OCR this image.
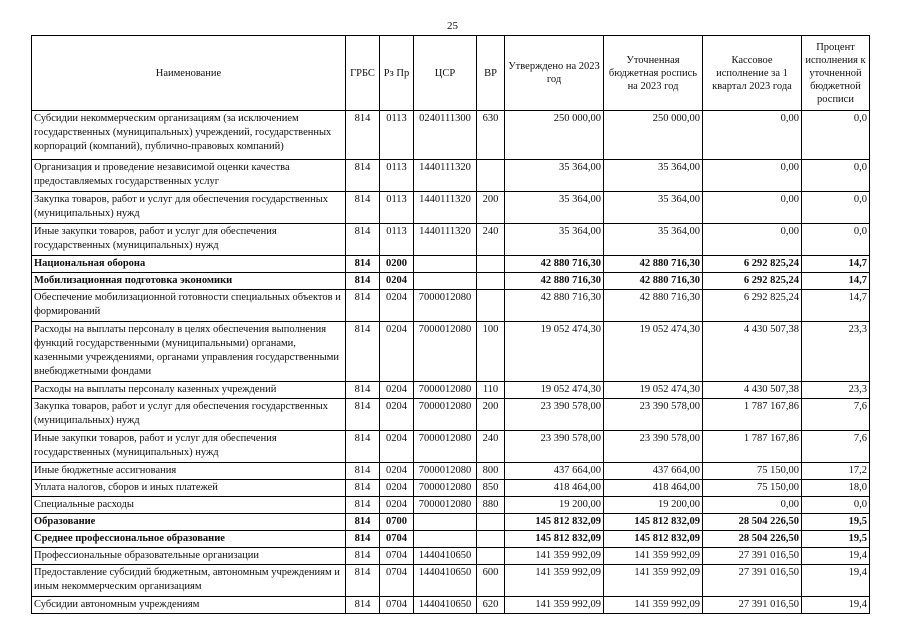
25
Наименование	ГРБС	Рз Пр	ЦСР	ВР	Утверждено на 2023 год	Уточненная бюджетная роспись на 2023 год	Кассовое исполнение за 1 квартал 2023 года	Процент исполнения к уточненной бюджетной росписи
Субсидии некоммерческим организациям (за исключением государственных (муниципальных) учреждений, государственных корпораций (компаний), публично-правовых компаний)	814	0113	0240111300	630	250 000,00	250 000,00	0,00	0,0
Организация и проведение независимой оценки качества предоставляемых государственных услуг	814	0113	1440111320		35 364,00	35 364,00	0,00	0,0
Закупка товаров, работ и услуг для обеспечения государственных (муниципальных) нужд	814	0113	1440111320	200	35 364,00	35 364,00	0,00	0,0
Иные закупки товаров, работ и услуг для обеспечения государственных (муниципальных) нужд	814	0113	1440111320	240	35 364,00	35 364,00	0,00	0,0
Национальная оборона	814	0200			42 880 716,30	42 880 716,30	6 292 825,24	14,7
Мобилизационная подготовка экономики	814	0204			42 880 716,30	42 880 716,30	6 292 825,24	14,7
Обеспечение мобилизационной готовности специальных объектов и формирований	814	0204	7000012080		42 880 716,30	42 880 716,30	6 292 825,24	14,7
Расходы на выплаты персоналу в целях обеспечения выполнения функций государственными (муниципальными) органами, казенными учреждениями, органами управления государственными внебюджетными фондами	814	0204	7000012080	100	19 052 474,30	19 052 474,30	4 430 507,38	23,3
Расходы на выплаты персоналу казенных учреждений	814	0204	7000012080	110	19 052 474,30	19 052 474,30	4 430 507,38	23,3
Закупка товаров, работ и услуг для обеспечения государственных (муниципальных) нужд	814	0204	7000012080	200	23 390 578,00	23 390 578,00	1 787 167,86	7,6
Иные закупки товаров, работ и услуг для обеспечения государственных (муниципальных) нужд	814	0204	7000012080	240	23 390 578,00	23 390 578,00	1 787 167,86	7,6
Иные бюджетные ассигнования	814	0204	7000012080	800	437 664,00	437 664,00	75 150,00	17,2
Уплата налогов, сборов и иных платежей	814	0204	7000012080	850	418 464,00	418 464,00	75 150,00	18,0
Специальные расходы	814	0204	7000012080	880	19 200,00	19 200,00	0,00	0,0
Образование	814	0700			145 812 832,09	145 812 832,09	28 504 226,50	19,5
Среднее профессиональное образование	814	0704			145 812 832,09	145 812 832,09	28 504 226,50	19,5
Профессиональные образовательные организации	814	0704	1440410650		141 359 992,09	141 359 992,09	27 391 016,50	19,4
Предоставление субсидий бюджетным, автономным учреждениям и иным некоммерческим организациям	814	0704	1440410650	600	141 359 992,09	141 359 992,09	27 391 016,50	19,4
Субсидии автономным учреждениям	814	0704	1440410650	620	141 359 992,09	141 359 992,09	27 391 016,50	19,4
